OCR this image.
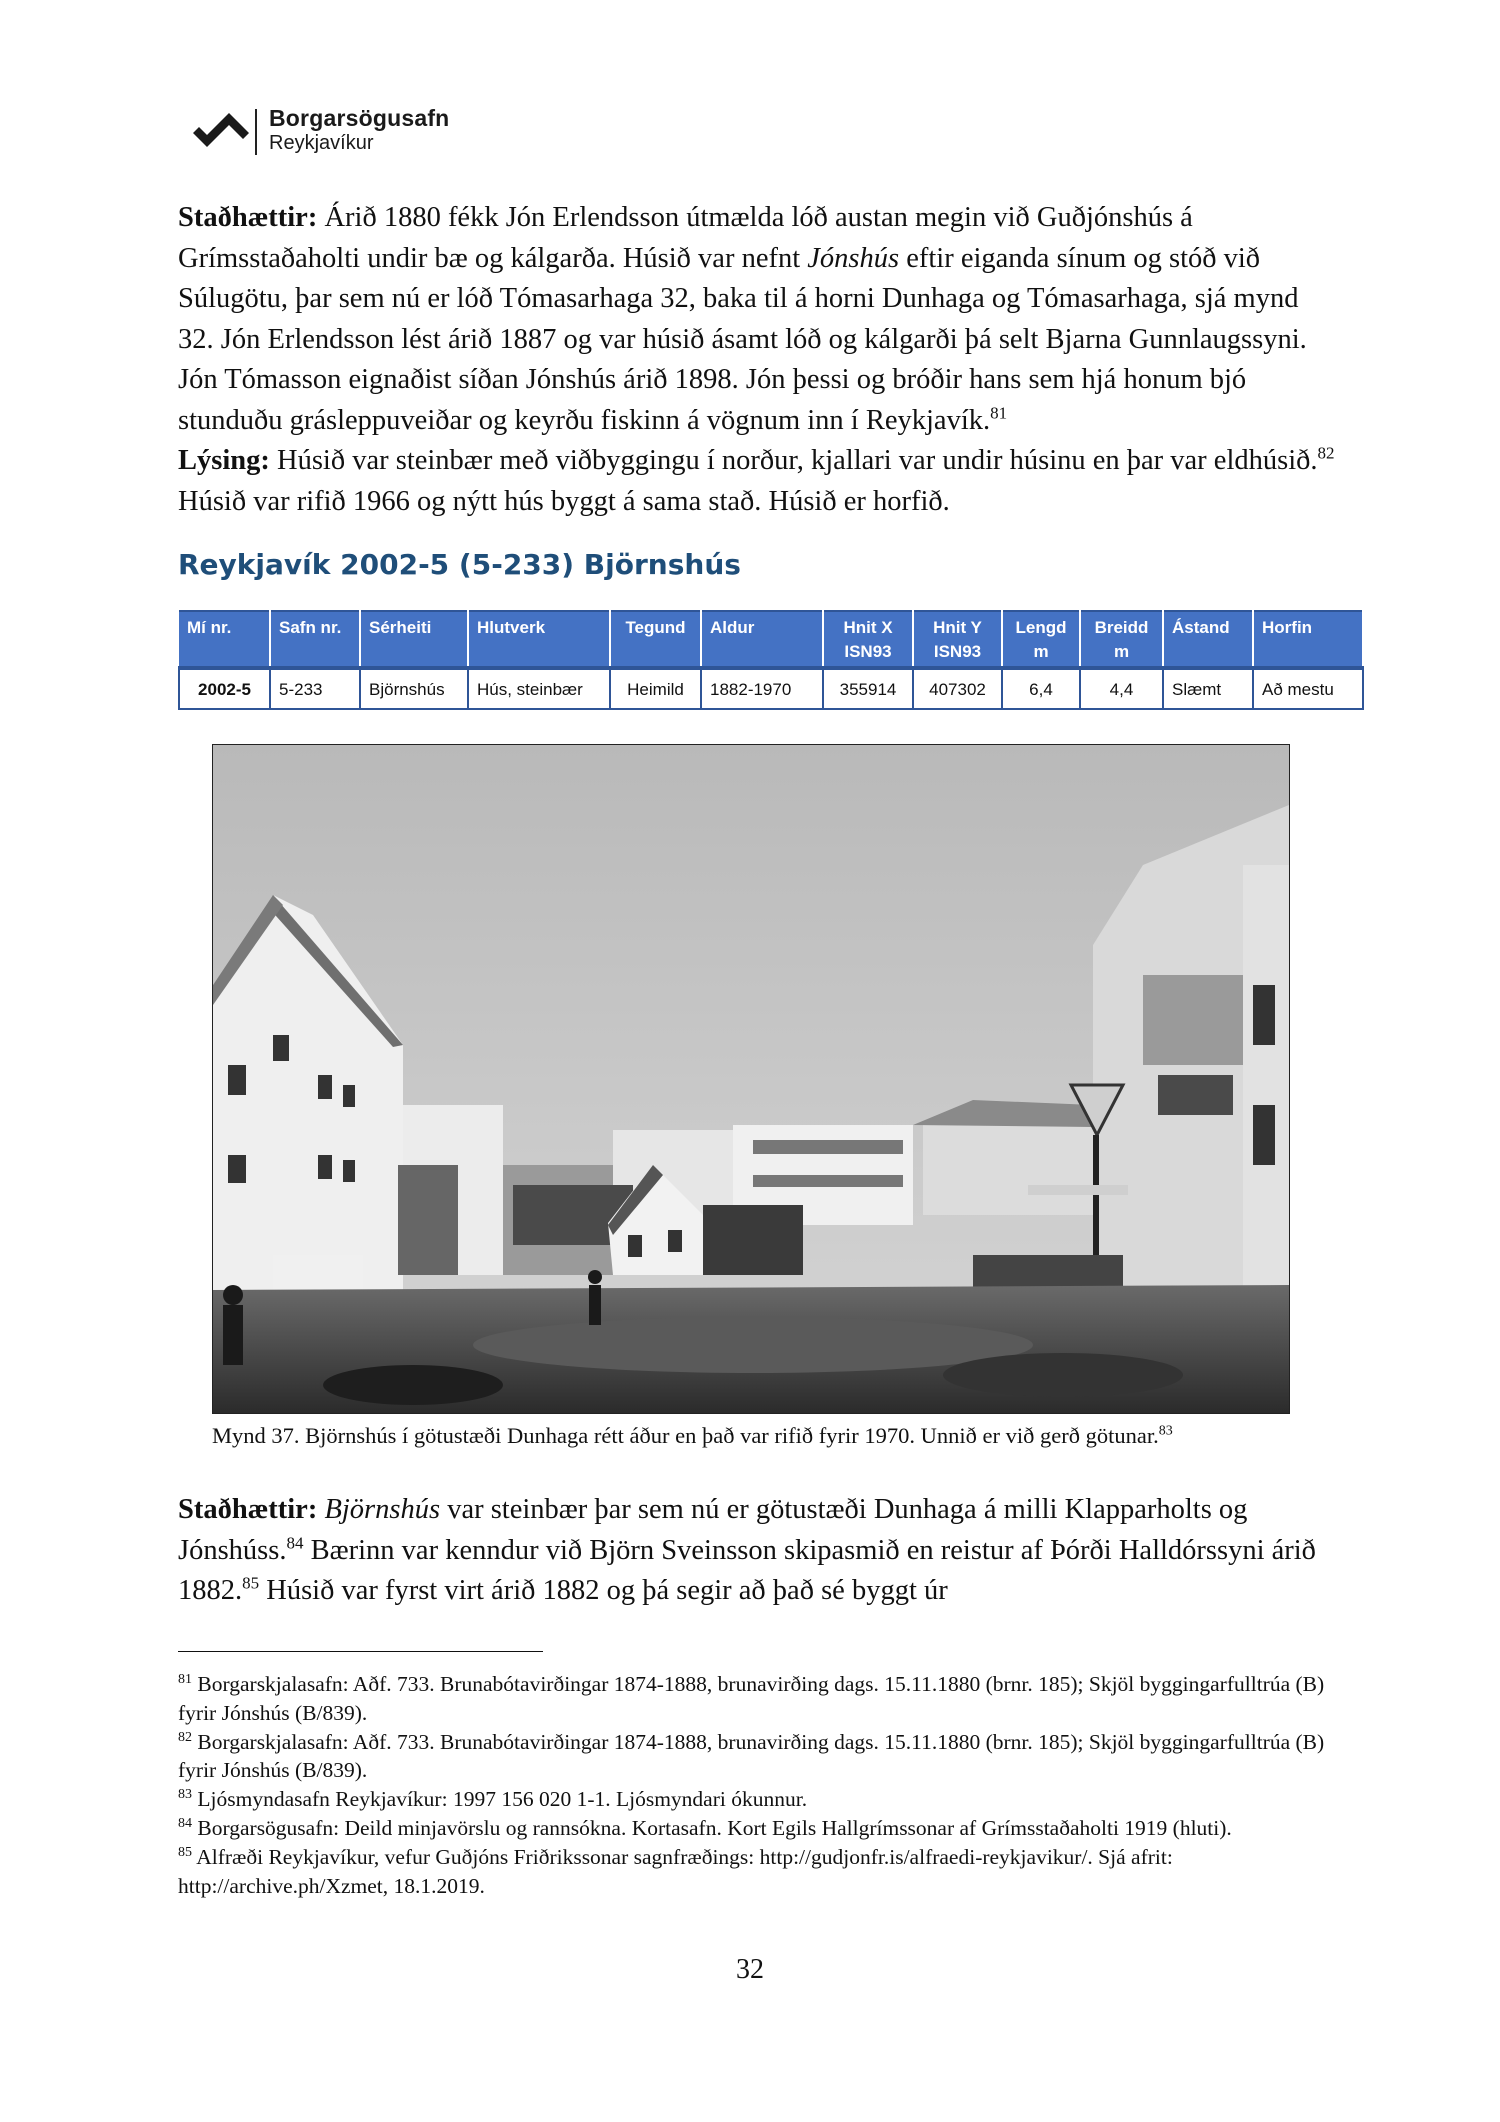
Borgarsögusafn
Reykjavíkur
Staðhættir: Árið 1880 fékk Jón Erlendsson útmælda lóð austan megin við Guðjónshús á Grímsstaðaholti undir bæ og kálgarða. Húsið var nefnt Jónshús eftir eiganda sínum og stóð við Súlugötu, þar sem nú er lóð Tómasarhaga 32, baka til á horni Dunhaga og Tómasarhaga, sjá mynd 32. Jón Erlendsson lést árið 1887 og var húsið ásamt lóð og kálgarði þá selt Bjarna Gunnlaugssyni. Jón Tómasson eignaðist síðan Jónshús árið 1898. Jón þessi og bróðir hans sem hjá honum bjó stunduðu grásleppuveiðar og keyrðu fiskinn á vögnum inn í Reykjavík.$^{81}$
Lýsing: Húsið var steinbær með viðbyggingu í norður, kjallari var undir húsinu en þar var eldhúsið.$^{82}$ Húsið var rifið 1966 og nýtt hús byggt á sama stað. Húsið er horfið.
Reykjavík 2002-5 (5-233) Björnshús
Mí nr.	Safn nr.	Sérheiti	Hlutverk	Tegund	Aldur	Hnit X ISN93	Hnit Y ISN93	Lengd m	Breidd m	Ástand	Horfin
2002-5	5-233	Björnshús	Hús, steinbær	Heimild	1882-1970	355914	407302	6,4	4,4	Slæmt	Að mestu
Mynd 37. Björnshús í götustæði Dunhaga rétt áður en það var rifið fyrir 1970. Unnið er við gerð götunar.$^{83}$
Staðhættir: Björnshús var steinbær þar sem nú er götustæði Dunhaga á milli Klapparholts og Jónshúss.$^{84}$ Bærinn var kenndur við Björn Sveinsson skipasmið en reistur af Þórði Halldórssyni árið 1882.85 Húsið var fyrst virt árið 1882 og þá segir að það sé byggt úr

$^{81}$ Borgarskjalasafn: Aðf. 733. Brunabótavirðingar 1874-1888, brunavirðing dags. 15.11.1880 (brnr. 185); Skjöl byggingarfulltrúa (B) fyrir Jónshús (B/839).

$^{82}$ Borgarskjalasafn: Aðf. 733. Brunabótavirðingar 1874-1888, brunavirðing dags. 15.11.1880 (brnr. 185); Skjöl byggingarfulltrúa (B) fyrir Jónshús (B/839).

$^{83}$ Ljósmyndasafn Reykjavíkur: 1997 156 020 1-1. Ljósmyndari ókunnur.

$^{84}$ Borgarsögusafn: Deild minjavörslu og rannsókna. Kortasafn. Kort Egils Hallgrímssonar af Grímsstaðaholti 1919 (hluti).

$^{85}$ Alfræði Reykjavíkur, vefur Guðjóns Friðrikssonar sagnfræðings: http://gudjonfr.is/alfraedi-reykjavikur/. Sjá afrit: http://archive.ph/Xzmet, 18.1.2019.

32
